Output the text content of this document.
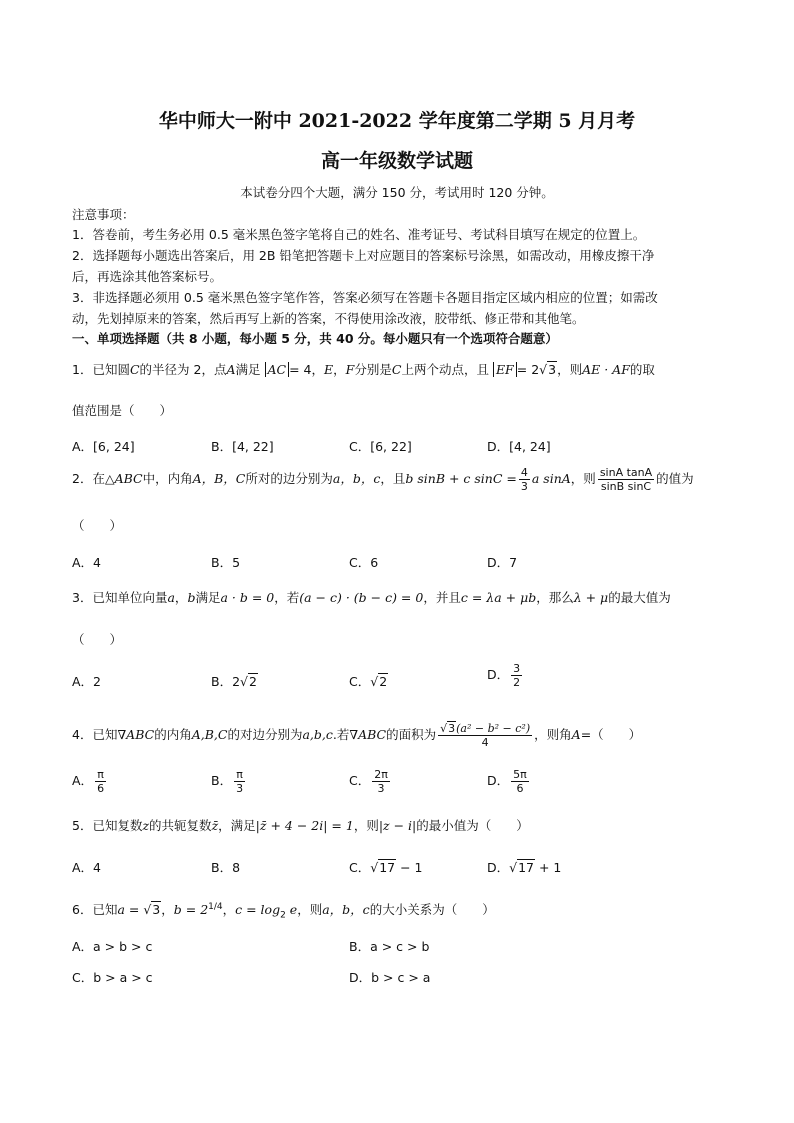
华中师大一附中 2021-2022 学年度第二学期 5 月月考
高一年级数学试题
本试卷分四个大题，满分 150 分，考试用时 120 分钟。
注意事项：
1．答卷前，考生务必用 0.5 毫米黑色签字笔将自己的姓名、准考证号、考试科目填写在规定的位置上。
2．选择题每小题选出答案后，用 2B 铅笔把答题卡上对应题目的答案标号涂黑，如需改动，用橡皮擦干净
后，再选涂其他答案标号。
3．非选择题必须用 0.5 毫米黑色签字笔作答，答案必须写在答题卡各题目指定区域内相应的位置；如需改
动，先划掉原来的答案，然后再写上新的答案，不得使用涂改液，胶带纸、修正带和其他笔。
一、单项选择题（共 8 小题，每小题 5 分，共 40 分。每小题只有一个选项符合题意）
1．已知圆C的半径为 2，点A满足 AC = 4，E，F分别是C上两个动点，且 EF = 2√3，则AE · AF的取
值范围是（　　）
A．[6, 24]	B．[4, 22]	C．[6, 22]	D．[4, 24]
2．在△ABC中，内角A，B，C所对的边分别为a，b，c，且b sinB + c $\sin C = \frac{4}{3}$ a sinA，则 $\frac{\text{sinA tanA}}{\text{sinB sinC}}$ 的值为
（　　）
A．4	B．5	C．6	D．7
3．已知单位向量a，b满足a · b = 0，若(a − c) · (b − c) = 0，并且c = λa + μb，那么λ + μ的最大值为
（　　）
A．2	B．2√2	C．√2	D． $\frac{3}{2}$
4．已知∇ABC的内角A,B,C的对边分别为a,b,c.若∇ABC的面积为 $\frac{\text{√3(a² − b² − c²)}}{4}$ ，则角A=（　　）
A． $\frac{\pi}{6}$	B． $\frac{\pi}{3}$	C． $\frac{2\pi}{3}$	D． $\frac{5\pi}{6}$
5．已知复数z的共轭复数z̄，满足|z̄ + 4 − 2i| = 1，则|z − i|的最小值为（　　）
A．4	B．8	C．√17 − 1	D．√17 + 1
6．已知a = √3，$b = 2^{1/4}$，$c = \log_2 e$，则a，b，c的大小关系为（　　）
A．a > b > c	B．a > c > b
C．b > a > c	D．b > c > a
